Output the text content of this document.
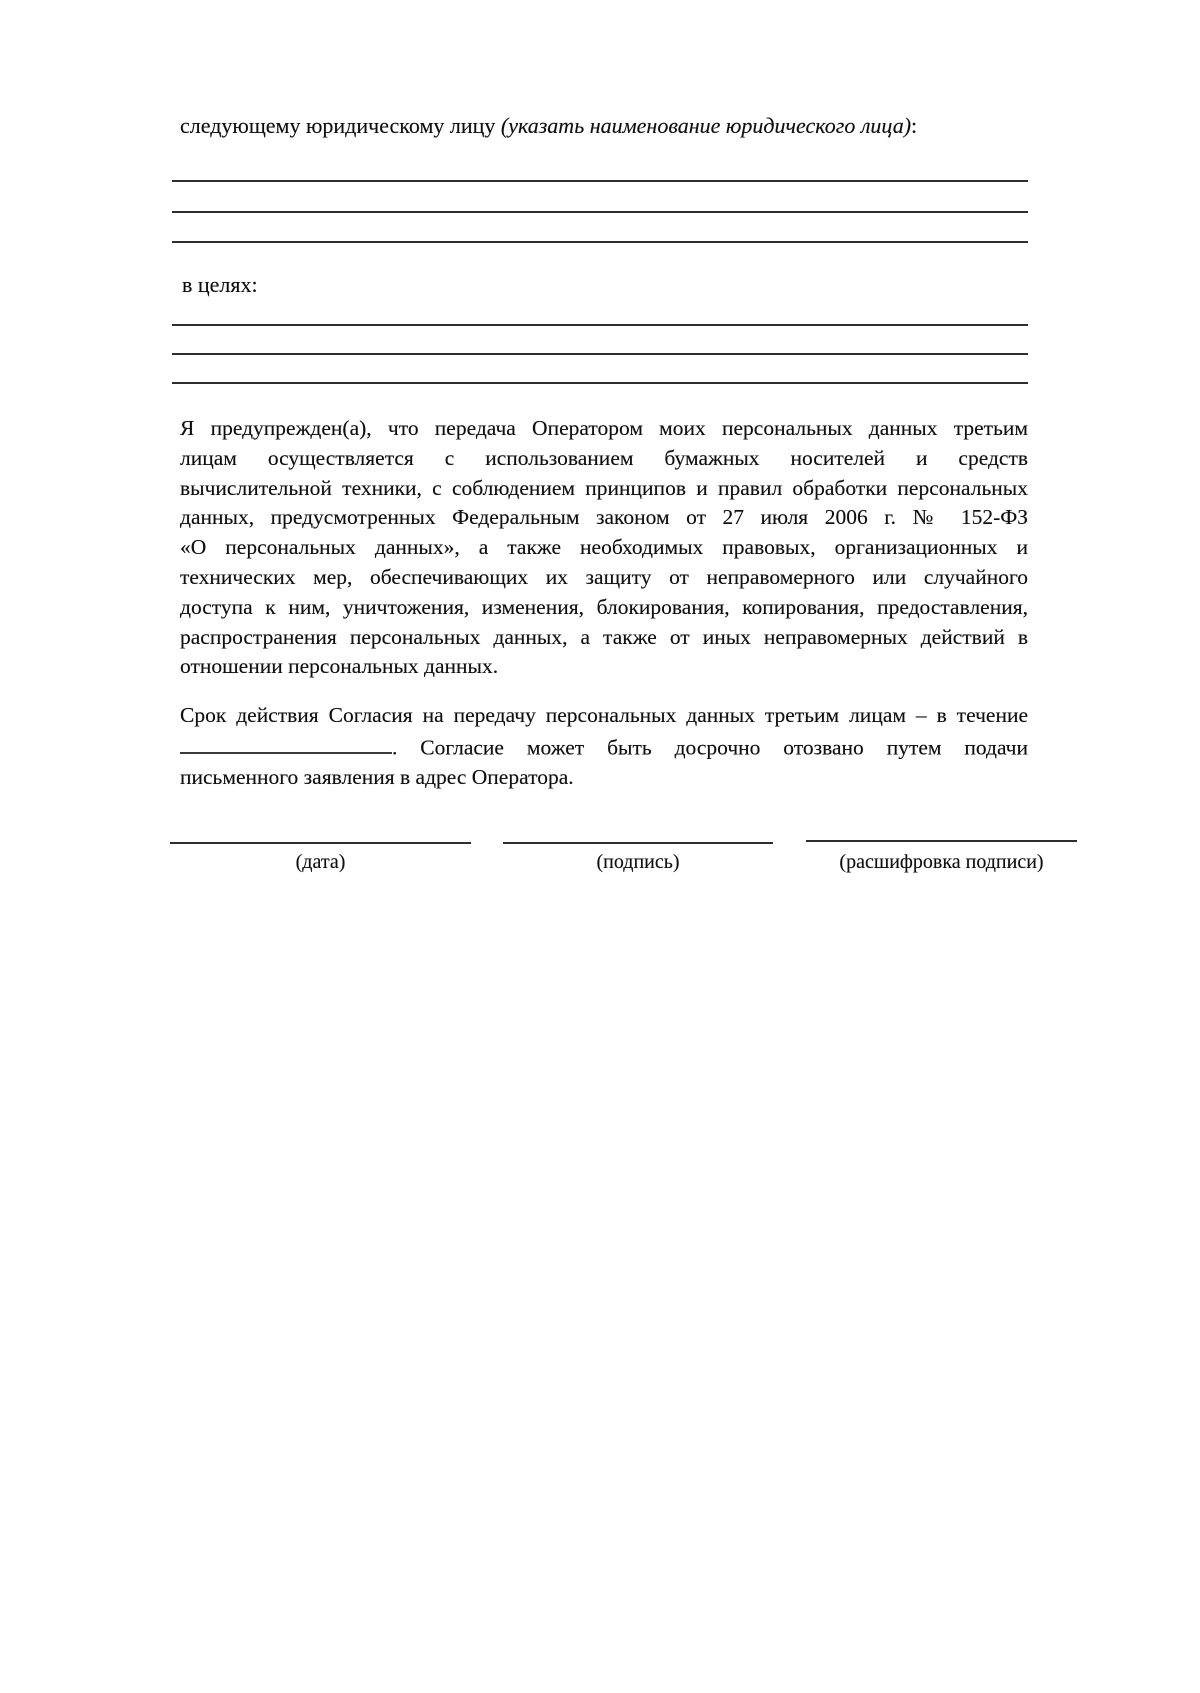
следующему юридическому лицу (указать наименование юридического лица):
в целях:
Я предупрежден(а), что передача Оператором моих персональных данных третьим
лицам осуществляется с использованием бумажных носителей и средств
вычислительной техники, с соблюдением принципов и правил обработки персональных
данных, предусмотренных Федеральным законом от 27 июля 2006 г. № 152-ФЗ
«О персональных данных», а также необходимых правовых, организационных и
технических мер, обеспечивающих их защиту от неправомерного или случайного
доступа к ним, уничтожения, изменения, блокирования, копирования, предоставления,
распространения персональных данных, а также от иных неправомерных действий в
отношении персональных данных.
Срок действия Согласия на передачу персональных данных третьим лицам – в течение
. Согласие может быть досрочно отозвано путем подачи
письменного заявления в адрес Оператора.
(дата)	(подпись)	(расшифровка подписи)
